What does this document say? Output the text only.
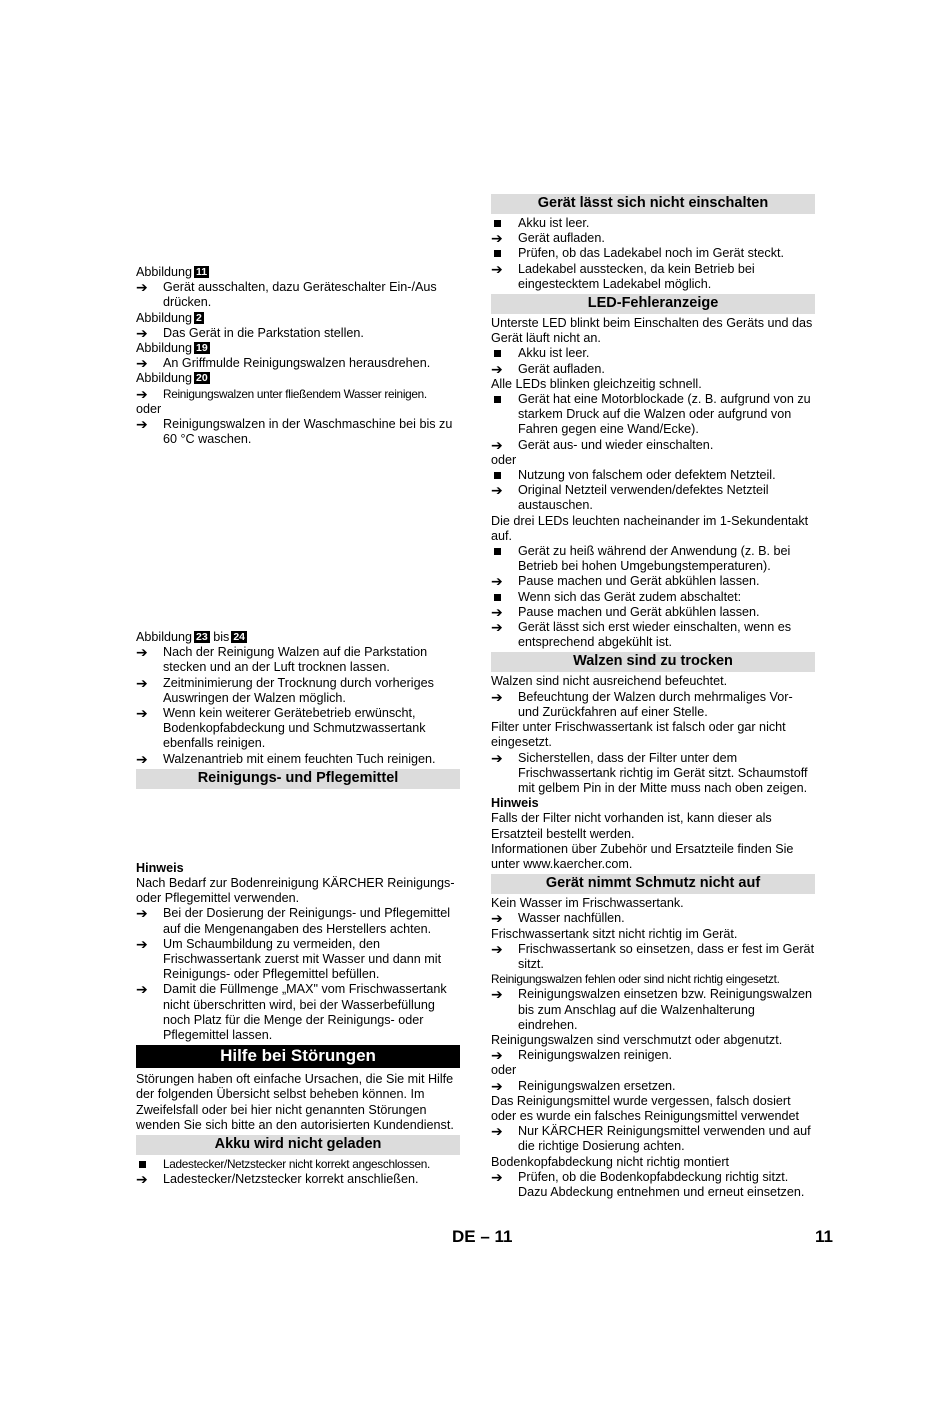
Abbildung 11
➔	Gerät ausschalten, dazu Geräteschalter Ein-/Aus drücken.
Abbildung 2
➔	Das Gerät in die Parkstation stellen.
Abbildung 19
➔	An Griffmulde Reinigungswalzen herausdrehen.
Abbildung 20
➔	Reinigungswalzen unter fließendem Wasser reinigen.
oder
➔	Reinigungswalzen in der Waschmaschine bei bis zu 60 °C waschen.
Abbildung 23 bis 24
➔	Nach der Reinigung Walzen auf die Parkstation stecken und an der Luft trocknen lassen.
➔	Zeitminimierung der Trocknung durch vorheriges Auswringen der Walzen möglich.
➔	Wenn kein weiterer Gerätebetrieb erwünscht, Bodenkopfabdeckung und Schmutzwassertank ebenfalls reinigen.
➔	Walzenantrieb mit einem feuchten Tuch reinigen.
Reinigungs- und Pflegemittel
Hinweis
Nach Bedarf zur Bodenreinigung KÄRCHER Reinigungs- oder Pflegemittel verwenden.
➔	Bei der Dosierung der Reinigungs- und Pflegemittel auf die Mengenangaben des Herstellers achten.
➔	Um Schaumbildung zu vermeiden, den Frischwassertank zuerst mit Wasser und dann mit Reinigungs- oder Pflegemittel befüllen.
➔	Damit die Füllmenge „MAX" vom Frischwassertank nicht überschritten wird, bei der Wasserbefüllung noch Platz für die Menge der Reinigungs- oder Pflegemittel lassen.
Hilfe bei Störungen
Störungen haben oft einfache Ursachen, die Sie mit Hilfe der folgenden Übersicht selbst beheben können. Im Zweifelsfall oder bei hier nicht genannten Störungen wenden Sie sich bitte an den autorisierten Kundendienst.
Akku wird nicht geladen
Ladestecker/Netzstecker nicht korrekt angeschlossen.
➔	Ladestecker/Netzstecker korrekt anschließen.
Gerät lässt sich nicht einschalten
Akku ist leer.
➔	Gerät aufladen.
Prüfen, ob das Ladekabel noch im Gerät steckt.
➔	Ladekabel ausstecken, da kein Betrieb bei eingestecktem Ladekabel möglich.
LED-Fehleranzeige
Unterste LED blinkt beim Einschalten des Geräts und das Gerät läuft nicht an.
Akku ist leer.
➔	Gerät aufladen.
Alle LEDs blinken gleichzeitig schnell.
Gerät hat eine Motorblockade (z. B. aufgrund von zu starkem Druck auf die Walzen oder aufgrund von Fahren gegen eine Wand/Ecke).
➔	Gerät aus- und wieder einschalten.
oder
Nutzung von falschem oder defektem Netzteil.
➔	Original Netzteil verwenden/defektes Netzteil austauschen.
Die drei LEDs leuchten nacheinander im 1-Sekundentakt auf.
Gerät zu heiß während der Anwendung (z. B. bei Betrieb bei hohen Umgebungstemperaturen).
➔	Pause machen und Gerät abkühlen lassen.
Wenn sich das Gerät zudem abschaltet:
➔	Pause machen und Gerät abkühlen lassen.
➔	Gerät lässt sich erst wieder einschalten, wenn es entsprechend abgekühlt ist.
Walzen sind zu trocken
Walzen sind nicht ausreichend befeuchtet.
➔	Befeuchtung der Walzen durch mehrmaliges Vor- und Zurückfahren auf einer Stelle.
Filter unter Frischwassertank ist falsch oder gar nicht eingesetzt.
➔	Sicherstellen, dass der Filter unter dem Frischwassertank richtig im Gerät sitzt. Schaumstoff mit gelbem Pin in der Mitte muss nach oben zeigen.
Hinweis
Falls der Filter nicht vorhanden ist, kann dieser als Ersatzteil bestellt werden.
Informationen über Zubehör und Ersatzteile finden Sie unter www.kaercher.com.
Gerät nimmt Schmutz nicht auf
Kein Wasser im Frischwassertank.
➔	Wasser nachfüllen.
Frischwassertank sitzt nicht richtig im Gerät.
➔	Frischwassertank so einsetzen, dass er fest im Gerät sitzt.
Reinigungswalzen fehlen oder sind nicht richtig eingesetzt.
➔	Reinigungswalzen einsetzen bzw. Reinigungswalzen bis zum Anschlag auf die Walzenhalterung eindrehen.
Reinigungswalzen sind verschmutzt oder abgenutzt.
➔	Reinigungswalzen reinigen.
oder
➔	Reinigungswalzen ersetzen.
Das Reinigungsmittel wurde vergessen, falsch dosiert oder es wurde ein falsches Reinigungsmittel verwendet
➔	Nur KÄRCHER Reinigungsmittel verwenden und auf die richtige Dosierung achten.
Bodenkopfabdeckung nicht richtig montiert
➔	Prüfen, ob die Bodenkopfabdeckung richtig sitzt. Dazu Abdeckung entnehmen und erneut einsetzen.
DE – 11	11
